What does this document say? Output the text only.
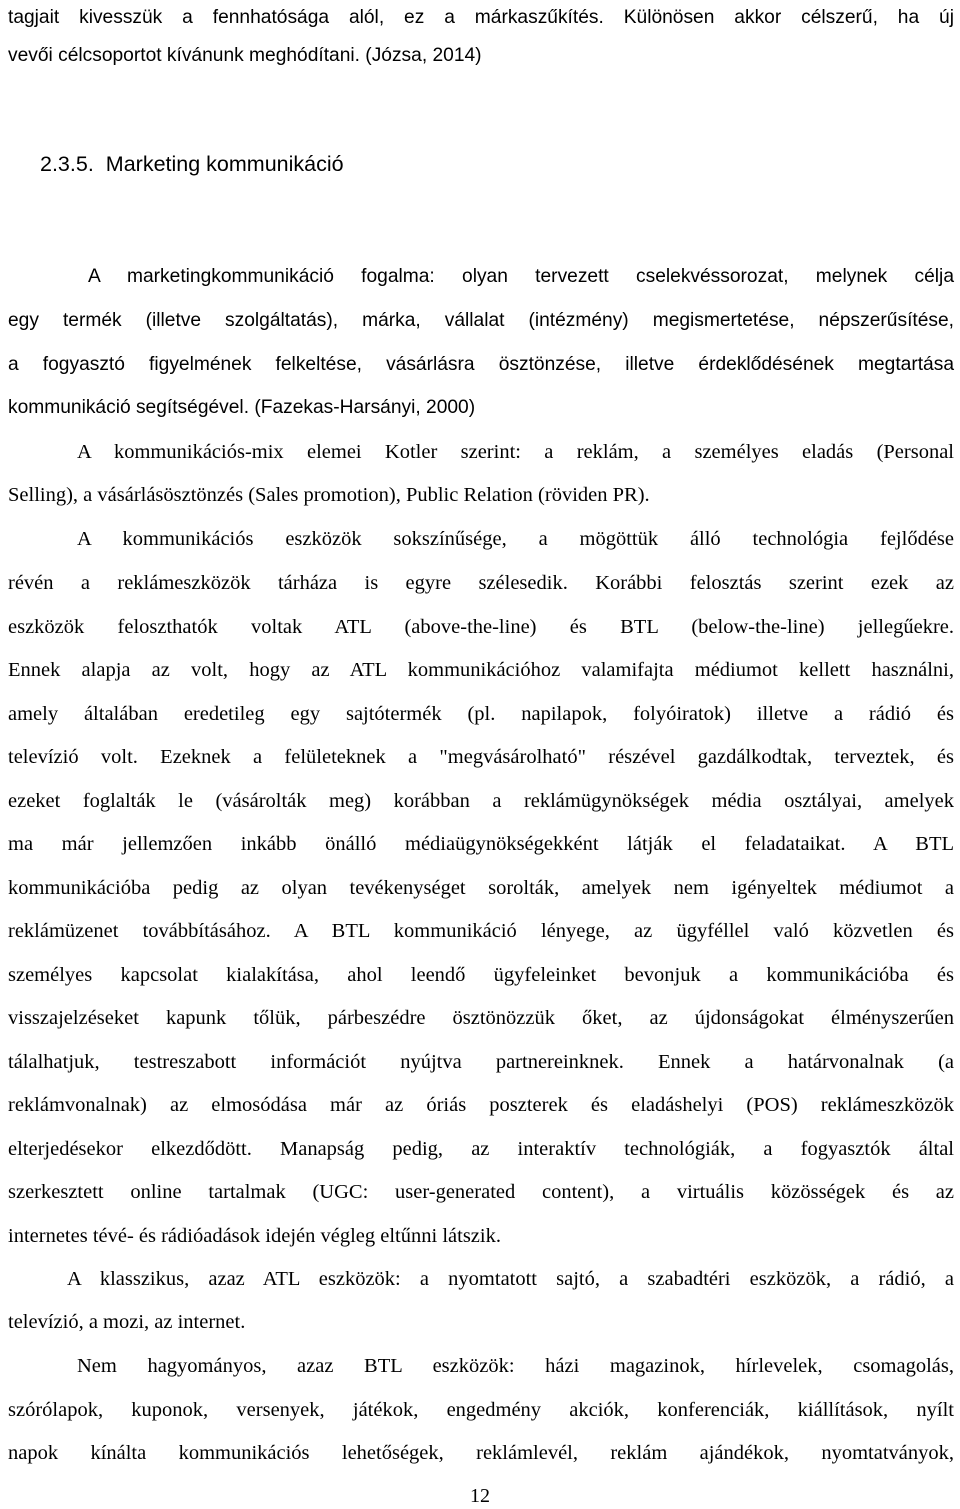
tagjait kivesszük a fennhatósága alól, ez a márkaszűkítés. Különösen akkor célszerű, ha új
vevői célcsoportot kívánunk meghódítani. (Józsa, 2014)
2.3.5. Marketing kommunikáció
A marketingkommunikáció fogalma: olyan tervezett cselekvéssorozat, melynek célja
egy termék (illetve szolgáltatás), márka, vállalat (intézmény) megismertetése, népszerűsítése,
a fogyasztó figyelmének felkeltése, vásárlásra ösztönzése, illetve érdeklődésének megtartása
kommunikáció segítségével. (Fazekas-Harsányi, 2000)
A kommunikációs-mix elemei Kotler szerint: a reklám, a személyes eladás (Personal
Selling), a vásárlásösztönzés (Sales promotion), Public Relation (röviden PR).
A kommunikációs eszközök sokszínűsége, a mögöttük álló technológia fejlődése
révén a reklámeszközök tárháza is egyre szélesedik. Korábbi felosztás szerint ezek az
eszközök feloszthatók voltak ATL (above-the-line) és BTL (below-the-line) jellegűekre.
Ennek alapja az volt, hogy az ATL kommunikációhoz valamifajta médiumot kellett használni,
amely általában eredetileg egy sajtótermék (pl. napilapok, folyóiratok) illetve a rádió és
televízió volt. Ezeknek a felületeknek a "megvásárolható" részével gazdálkodtak, terveztek, és
ezeket foglalták le (vásárolták meg) korábban a reklámügynökségek média osztályai, amelyek
ma már jellemzően inkább önálló médiaügynökségekként látják el feladataikat. A BTL
kommunikációba pedig az olyan tevékenységet sorolták, amelyek nem igényeltek médiumot a
reklámüzenet továbbításához. A BTL kommunikáció lényege, az ügyféllel való közvetlen és
személyes kapcsolat kialakítása, ahol leendő ügyfeleinket bevonjuk a kommunikációba és
visszajelzéseket kapunk tőlük, párbeszédre ösztönözzük őket, az újdonságokat élményszerűen
tálalhatjuk, testreszabott információt nyújtva partnereinknek. Ennek a határvonalnak (a
reklámvonalnak) az elmosódása már az óriás poszterek és eladáshelyi (POS) reklámeszközök
elterjedésekor elkezdődött. Manapság pedig, az interaktív technológiák, a fogyasztók által
szerkesztett online tartalmak (UGC: user-generated content), a virtuális közösségek és az
internetes tévé- és rádióadások idején végleg eltűnni látszik.
A klasszikus, azaz ATL eszközök: a nyomtatott sajtó, a szabadtéri eszközök, a rádió, a
televízió, a mozi, az internet.
Nem hagyományos, azaz BTL eszközök: házi magazinok, hírlevelek, csomagolás,
szórólapok, kuponok, versenyek, játékok, engedmény akciók, konferenciák, kiállítások, nyílt
napok kínálta kommunikációs lehetőségek, reklámlevél, reklám ajándékok, nyomtatványok,
12
